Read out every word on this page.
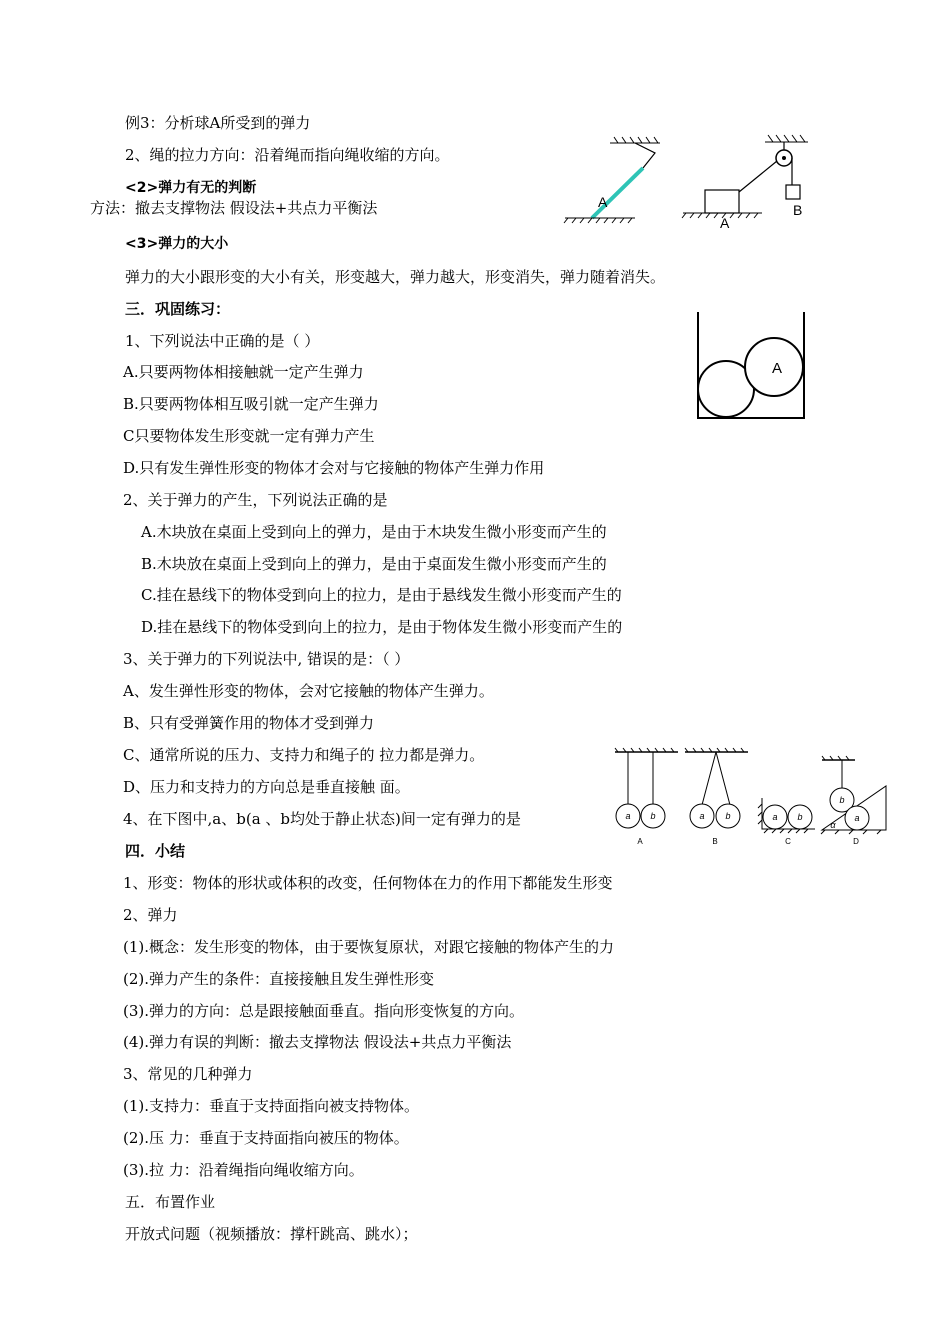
例3：分析球A所受到的弹力
2、绳的拉力方向：沿着绳而指向绳收缩的方向。
<2>弹力有无的判断
方法：撤去支撑物法 假设法+共点力平衡法
<3>弹力的大小
弹力的大小跟形变的大小有关，形变越大，弹力越大，形变消失，弹力随着消失。
三．巩固练习：
1、下列说法中正确的是（ ）
A.只要两物体相接触就一定产生弹力
B.只要两物体相互吸引就一定产生弹力
C只要物体发生形变就一定有弹力产生
D.只有发生弹性形变的物体才会对与它接触的物体产生弹力作用
2、关于弹力的产生，下列说法正确的是
A.木块放在桌面上受到向上的弹力，是由于木块发生微小形变而产生的
B.木块放在桌面上受到向上的弹力，是由于桌面发生微小形变而产生的
C.挂在悬线下的物体受到向上的拉力，是由于悬线发生微小形变而产生的
D.挂在悬线下的物体受到向上的拉力，是由于物体发生微小形变而产生的
3、关于弹力的下列说法中, 错误的是：（ ）
A、发生弹性形变的物体，会对它接触的物体产生弹力。
B、只有受弹簧作用的物体才受到弹力
C、通常所说的压力、支持力和绳子的 拉力都是弹力。
D、压力和支持力的方向总是垂直接触 面。
4、在下图中,a、b(a 、b均处于静止状态)间一定有弹力的是
四．小结
1、形变：物体的形状或体积的改变，任何物体在力的作用下都能发生形变
2、弹力
(1).概念：发生形变的物体，由于要恢复原状，对跟它接触的物体产生的力
(2).弹力产生的条件：直接接触且发生弹性形变
(3).弹力的方向：总是跟接触面垂直。指向形变恢复的方向。
(4).弹力有误的判断：撤去支撑物法 假设法+共点力平衡法
3、常见的几种弹力
(1).支持力：垂直于支持面指向被支持物体。
(2).压 力：垂直于支持面指向被压的物体。
(3).拉 力：沿着绳指向绳收缩方向。
五．布置作业
开放式问题（视频播放：撑杆跳高、跳水）；
A
A
B
A
a b	a b	a b
b
a
α
A	B	C	D
